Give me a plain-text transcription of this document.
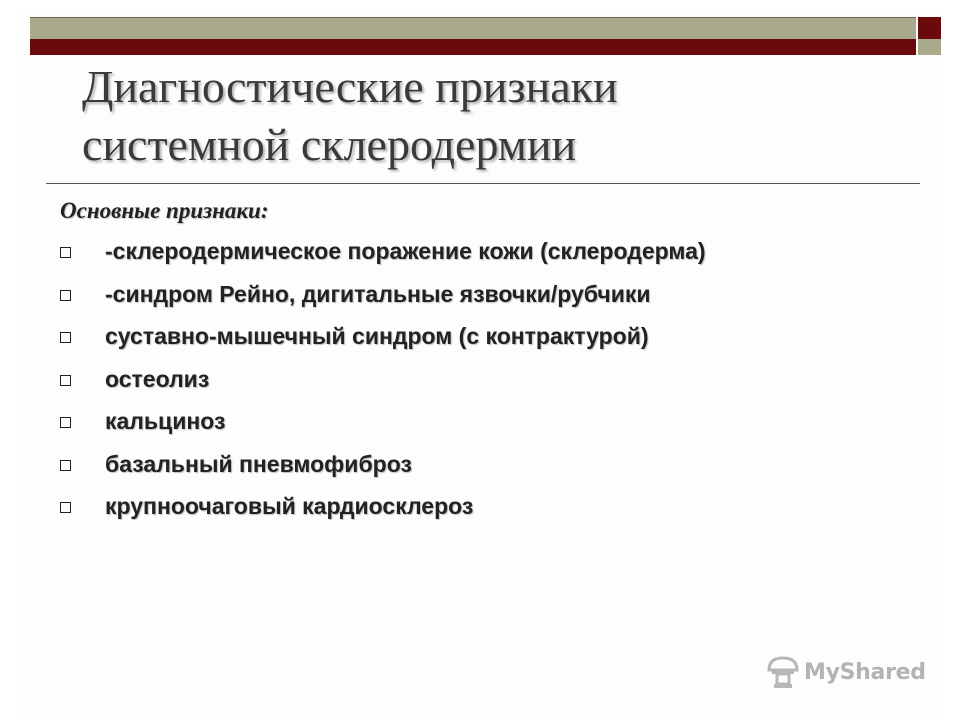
Диагностические признаки
системной склеродермии

Основные признаки:

-склеродермическое поражение кожи (склеродерма)
-синдром Рейно, дигитальные язвочки/рубчики
суставно-мышечный синдром (с контрактурой)
остеолиз
кальциноз
базальный пневмофиброз
крупноочаговый кардиосклероз
MyShared
